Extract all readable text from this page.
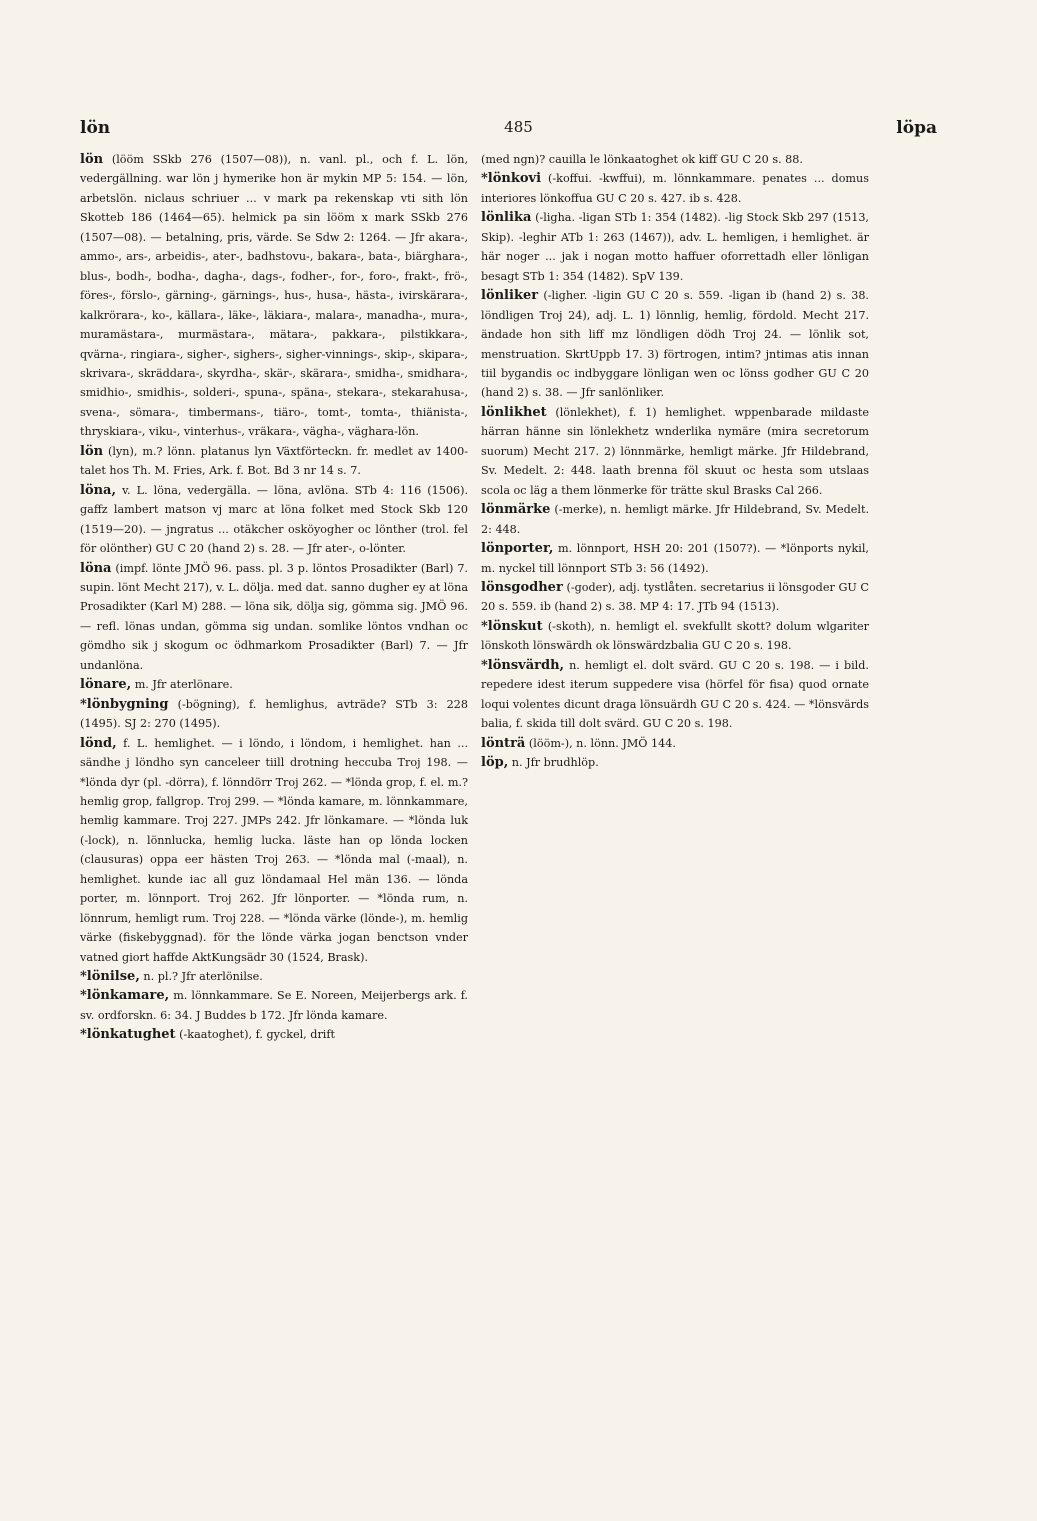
lön	485	löpa

lön (lööm SSkb 276 (1507—08)), n. vanl. pl., och f. L. lön, vedergällning. war lön j hymerike hon är mykin MP 5: 154. — lön, arbetslön. niclaus schriuer ... v mark pa rekenskap vti sith lön Skotteb 186 (1464—65). helmick pa sin lööm x mark SSkb 276 (1507—08). — betalning, pris, värde. Se Sdw 2: 1264. — Jfr akara-, ammo-, ars-, arbeidis-, ater-, badhstovu-, bakara-, bata-, biärghara-, blus-, bodh-, bodha-, dagha-, dags-, fodher-, for-, foro-, frakt-, frö-, föres-, förslo-, gärning-, gärnings-, hus-, husa-, hästa-, ivirskärara-, kalkrörara-, ko-, källara-, läke-, läkiara-, malara-, manadha-, mura-, muramästara-, murmästara-, mätara-, pakkara-, pilstikkara-, qvärna-, ringiara-, sigher-, sighers-, sigher-vinnings-, skip-, skipara-, skrivara-, skräddara-, skyrdha-, skär-, skärara-, smidha-, smidhara-, smidhio-, smidhis-, solderi-, spuna-, späna-, stekara-, stekarahusa-, svena-, sömara-, timbermans-, tiäro-, tomt-, tomta-, thiänista-, thryskiara-, viku-, vinterhus-, vräkara-, vägha-, väghara-lön.

lön (lyn), m.? lönn. platanus lyn Växtförteckn. fr. medlet av 1400-talet hos Th. M. Fries, Ark. f. Bot. Bd 3 nr 14 s. 7.

löna, v. L. löna, vedergälla. — löna, avlöna. STb 4: 116 (1506). gaffz lambert matson vj marc at löna folket med Stock Skb 120 (1519—20). — jngratus ... otäkcher osköyogher oc lönther (trol. fel för olönther) GU C 20 (hand 2) s. 28. — Jfr ater-, o-lönter.

löna (impf. lönte JMÖ 96. pass. pl. 3 p. löntos Prosadikter (Barl) 7. supin. lönt Mecht 217), v. L. dölja. med dat. sanno dugher ey at löna Prosadikter (Karl M) 288. — löna sik, dölja sig, gömma sig. JMÖ 96. — refl. lönas undan, gömma sig undan. somlike löntos vndhan oc gömdho sik j skogum oc ödhmarkom Prosadikter (Barl) 7. — Jfr undanlöna.

lönare, m. Jfr aterlönare.

*lönbygning (-bögning), f. hemlighus, avträde? STb 3: 228 (1495). SJ 2: 270 (1495).

lönd, f. L. hemlighet. — i löndo, i löndom, i hemlighet. han ... sändhe j löndho syn canceleer tiill drotning heccuba Troj 198. — *lönda dyr (pl. -dörra), f. lönndörr Troj 262. — *lönda grop, f. el. m.? hemlig grop, fallgrop. Troj 299. — *lönda kamare, m. lönnkammare, hemlig kammare. Troj 227. JMPs 242. Jfr lönkamare. — *lönda luk (-lock), n. lönnlucka, hemlig lucka. läste han op lönda locken (clausuras) oppa eer hästen Troj 263. — *lönda mal (-maal), n. hemlighet. kunde iac all guz löndamaal Hel män 136. — lönda porter, m. lönnport. Troj 262. Jfr lönporter. — *lönda rum, n. lönnrum, hemligt rum. Troj 228. — *lönda värke (lönde-), m. hemlig värke (fiskebyggnad). för the lönde värka jogan benctson vnder vatned giort haffde AktKungsädr 30 (1524, Brask).

*lönilse, n. pl.? Jfr aterlönilse.

*lönkamare, m. lönnkammare. Se E. Noreen, Meijerbergs ark. f. sv. ordforskn. 6: 34. J Buddes b 172. Jfr lönda kamare.

*lönkatughet (-kaatoghet), f. gyckel, drift

(med ngn)? cauilla le lönkaatoghet ok kiff GU C 20 s. 88.

*lönkovi (-koffui. -kwffui), m. lönnkammare. penates ... domus interiores lönkoffua GU C 20 s. 427. ib s. 428.

lönlika (-ligha. -ligan STb 1: 354 (1482). -lig Stock Skb 297 (1513, Skip). -leghir ATb 1: 263 (1467)), adv. L. hemligen, i hemlighet. är här noger ... jak i nogan motto haffuer oforrettadh eller lönligan besagt STb 1: 354 (1482). SpV 139.

lönliker (-ligher. -ligin GU C 20 s. 559. -ligan ib (hand 2) s. 38. löndligen Troj 24), adj. L. 1) lönnlig, hemlig, fördold. Mecht 217. ändade hon sith liff mz löndligen dödh Troj 24. — lönlik sot, menstruation. SkrtUppb 17. 3) förtrogen, intim? jntimas atis innan tiil bygandis oc indbyggare lönligan wen oc lönss godher GU C 20 (hand 2) s. 38. — Jfr sanlönliker.

lönlikhet (lönlekhet), f. 1) hemlighet. wppenbarade mildaste härran hänne sin lönlekhetz wnderlika nymäre (mira secretorum suorum) Mecht 217. 2) lönnmärke, hemligt märke. Jfr Hildebrand, Sv. Medelt. 2: 448. laath brenna föl skuut oc hesta som utslaas scola oc läg a them lönmerke för trätte skul Brasks Cal 266.

lönmärke (-merke), n. hemligt märke. Jfr Hildebrand, Sv. Medelt. 2: 448.

lönporter, m. lönnport, HSH 20: 201 (1507?). — *lönports nykil, m. nyckel till lönnport STb 3: 56 (1492).

lönsgodher (-goder), adj. tystlåten. secretarius ii lönsgoder GU C 20 s. 559. ib (hand 2) s. 38. MP 4: 17. JTb 94 (1513).

*lönskut (-skoth), n. hemligt el. svekfullt skott? dolum wlgariter lönskoth lönswärdh ok lönswärdzbalia GU C 20 s. 198.

*lönsvärdh, n. hemligt el. dolt svärd. GU C 20 s. 198. — i bild. repedere idest iterum suppedere visa (hörfel för fisa) quod ornate loqui volentes dicunt draga lönsuärdh GU C 20 s. 424. — *lönsvärds balia, f. skida till dolt svärd. GU C 20 s. 198.

lönträ (lööm-), n. lönn. JMÖ 144.

löp, n. Jfr brudhlöp.
